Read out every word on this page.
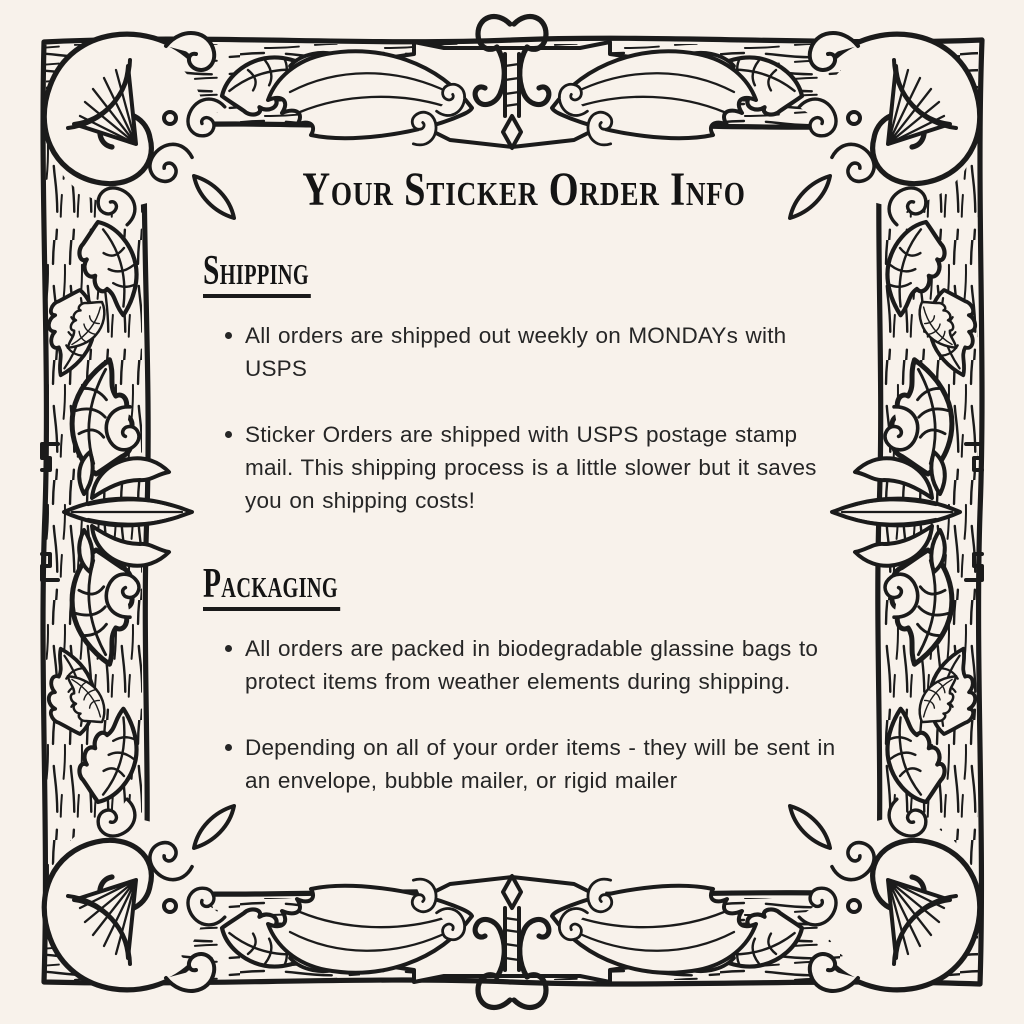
Your Sticker Order Info
Shipping

All orders are shipped out weekly on MONDAYs with USPS

Sticker Orders are shipped with USPS postage stamp mail. This shipping process is a little slower but it saves you on shipping costs!

Packaging

All orders are packed in biodegradable glassine bags to protect items from weather elements during shipping.

Depending on all of your order items - they will be sent in an envelope, bubble mailer, or rigid mailer
